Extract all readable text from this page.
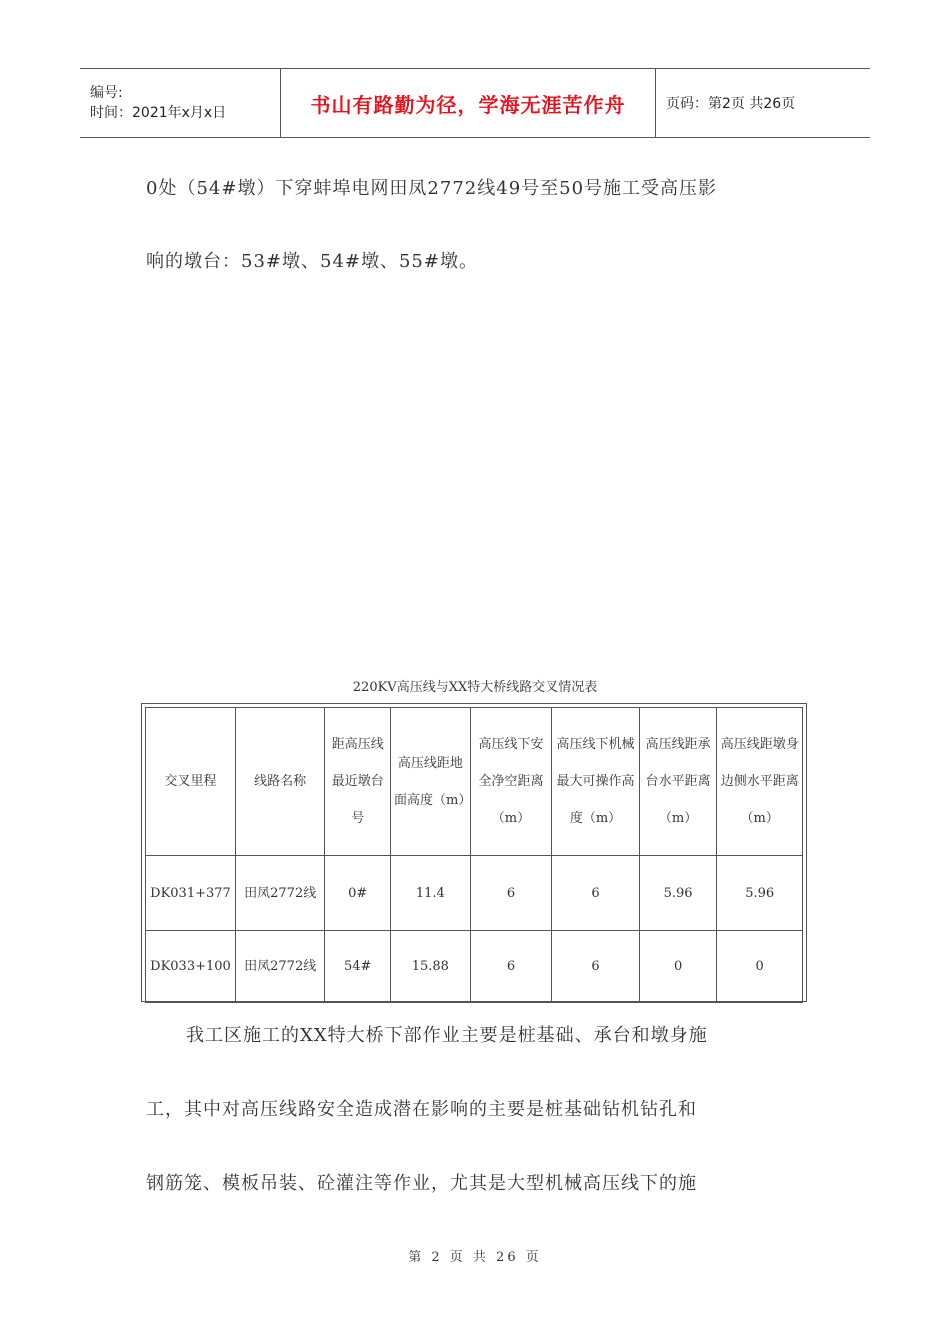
编号:
时间：2021年x月x日	书山有路勤为径，学海无涯苦作舟	页码：第2页 共26页
0处（54#墩）下穿蚌埠电网田凤2772线49号至50号施工受高压影
响的墩台：53#墩、54#墩、55#墩。
220KV高压线与XX特大桥线路交叉情况表
交叉里程	线路名称	距高压线最近墩台号	高压线距地面高度（m）	高压线下安全净空距离（m）	高压线下机械最大可操作高度（m）	高压线距承台水平距离（m）	高压线距墩身边侧水平距离（m）
DK031+377	田凤2772线	0#	11.4	6	6	5.96	5.96
DK033+100	田凤2772线	54#	15.88	6	6	0	0
我工区施工的XX特大桥下部作业主要是桩基础、承台和墩身施
工，其中对高压线路安全造成潜在影响的主要是桩基础钻机钻孔和
钢筋笼、模板吊装、砼灌注等作业，尤其是大型机械高压线下的施
第 2 页 共 26 页
